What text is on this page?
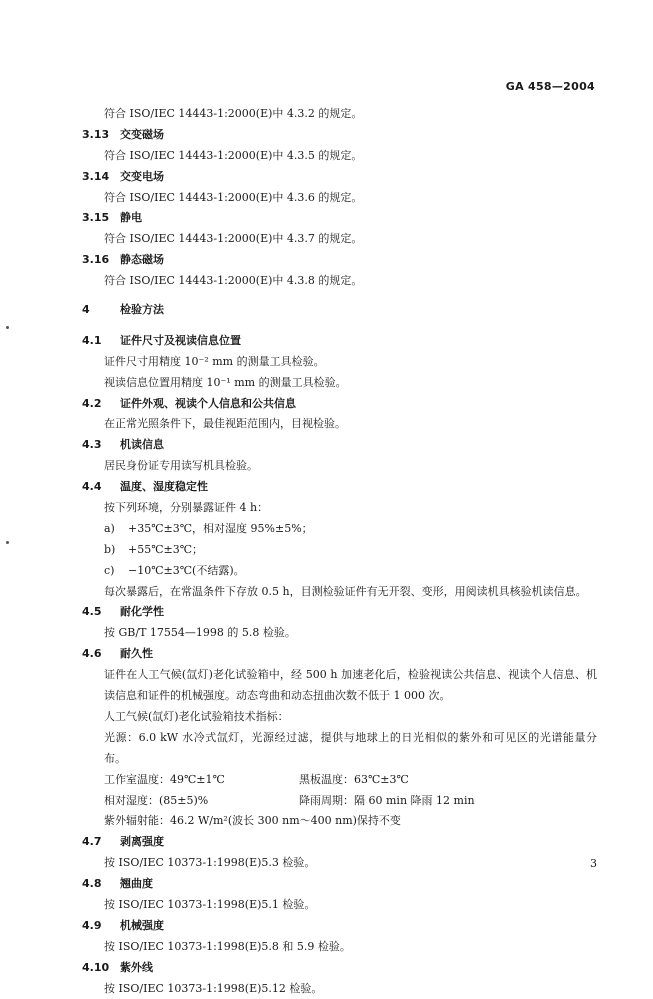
GA 458—2004
符合 ISO/IEC 14443-1:2000(E)中 4.3.2 的规定。
3.13 交变磁场
符合 ISO/IEC 14443-1:2000(E)中 4.3.5 的规定。
3.14 交变电场
符合 ISO/IEC 14443-1:2000(E)中 4.3.6 的规定。
3.15 静电
符合 ISO/IEC 14443-1:2000(E)中 4.3.7 的规定。
3.16 静态磁场
符合 ISO/IEC 14443-1:2000(E)中 4.3.8 的规定。
4	检验方法
4.1 证件尺寸及视读信息位置
证件尺寸用精度 10⁻² mm 的测量工具检验。
视读信息位置用精度 10⁻¹ mm 的测量工具检验。
4.2 证件外观、视读个人信息和公共信息
在正常光照条件下，最佳视距范围内，目视检验。
4.3 机读信息
居民身份证专用读写机具检验。
4.4 温度、湿度稳定性
按下列环境，分别暴露证件 4 h：
a) +35℃±3℃，相对湿度 95%±5%；
b) +55℃±3℃；
c) −10℃±3℃(不结露)。
每次暴露后，在常温条件下存放 0.5 h，目测检验证件有无开裂、变形，用阅读机具核验机读信息。
4.5 耐化学性
按 GB/T 17554—1998 的 5.8 检验。
4.6 耐久性
证件在人工气候(氙灯)老化试验箱中，经 500 h 加速老化后，检验视读公共信息、视读个人信息、机读信息和证件的机械强度。动态弯曲和动态扭曲次数不低于 1 000 次。
人工气候(氙灯)老化试验箱技术指标：
光源：6.0 kW 水冷式氙灯，光源经过滤，提供与地球上的日光相似的紫外和可见区的光谱能量分布。
工作室温度：49℃±1℃	黑板温度：63℃±3℃
相对湿度：(85±5)%	降雨周期：隔 60 min 降雨 12 min
紫外辐射能：46.2 W/m²(波长 300 nm～400 nm)保持不变
4.7 剥离强度
按 ISO/IEC 10373-1:1998(E)5.3 检验。
4.8 翘曲度
按 ISO/IEC 10373-1:1998(E)5.1 检验。
4.9 机械强度
按 ISO/IEC 10373-1:1998(E)5.8 和 5.9 检验。
4.10 紫外线
按 ISO/IEC 10373-1:1998(E)5.12 检验。
3
